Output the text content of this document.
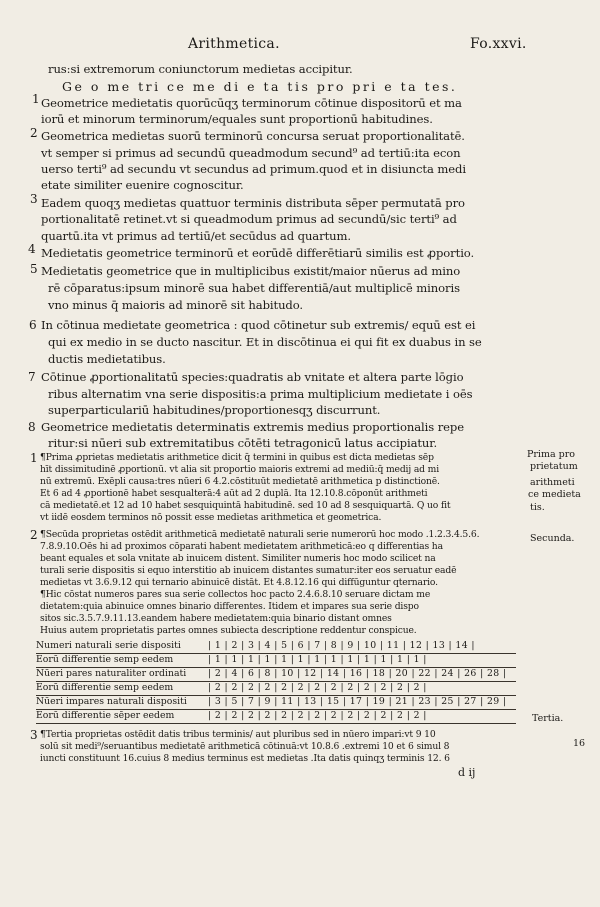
Arithmetica.	Fo.xxvi.
rus:si extremorum coniunctorum medietas accipitur.
Ge o me tri ce me di e ta tis pro pri e ta tes.
1 Geometrice medietatis quorūcūqʒ terminorum cōtinue dispositorū et ma
iorū et minorum terminorum/equales sunt proportionū habitudines.
2 Geometrica medietas suorū terminorū concursa seruat proportionalitatē.
vt semper si primus ad secundū queadmodum secund⁹ ad tertiū:ita econ
uerso terti⁹ ad secundu vt secundus ad primum.quod et in disiuncta medi
etate similiter euenire cognoscitur.
3 Eadem quoqʒ medietas quattuor terminis distributa sēper permutatā pro
portionalitatē retinet.vt si queadmodum primus ad secundū/sic terti⁹ ad
quartū.ita vt primus ad tertiū/et secūdus ad quartum.
4 Medietatis geometrice terminorū et eorūdē differētiarū similis est ꝓportio.
5 Medietatis geometrice que in multiplicibus existit/maior nūerus ad mino
rē cōparatus:ipsum minorē sua habet differentiā/aut multiplicē minoris
vno minus q̄ maioris ad minorē sit habitudo.
6 In cōtinua medietate geometrica : quod cōtinetur sub extremis/ equū est ei
qui ex medio in se ducto nascitur. Et in discōtinua ei qui fit ex duabus in se
ductis medietatibus.
7 Cōtinue ꝓportionalitatū species:quadratis ab vnitate et altera parte lōgio
ribus alternatim vna serie dispositis:a prima multiplicium medietate i oēs
superparticulariū habitudines/proportionesqʒ discurrunt.
8 Geometrice medietatis determinatis extremis medius proportionalis repe
ritur:si nūeri sub extremitatibus cōtēti tetragonicū latus accipiatur.
1 ¶Prima ꝓprietas medietatis arithmetice dicit q̄ termini in quibus est dicta medietas sēp
hīt dissimitudinē ꝓportionū. vt alia sit proportio maioris extremi ad mediū:q̄ medij ad mi
nū extremū. Exēpli causa:tres nūeri 6 4.2.cōstituūt medietatē arithmetica p distinctionē.
Et 6 ad 4 ꝓportionē habet sesqualterā:4 aūt ad 2 duplā. Ita 12.10.8.cōponūt arithmeti
cā medietatē.et 12 ad 10 habet sesquiquintā habitudinē. sed 10 ad 8 sesquiquartā. Q uo fit
vt iidē eosdem terminos nō possit esse medietas arithmetica et geometrica.
2 ¶Secūda proprietas ostēdit arithmeticā medietatē naturali serie numerorū hoc modo .1.2.3.4.5.6.
7.8.9.10.Oēs hi ad proximos cōparati habent medietatem arithmeticā:eo q differentias ha
beant equales et sola vnitate ab inuicem distent. Similiter numeris hoc modo scilicet na
turali serie dispositis si equo interstitio ab inuicem distantes sumatur:iter eos seruatur eadē
medietas vt 3.6.9.12 qui ternario abinuicē distāt. Et 4.8.12.16 qui diffūguntur qternario.
¶Hic cōstat numeros pares sua serie collectos hoc pacto 2.4.6.8.10 seruare dictam me
dietatem:quia abinuice omnes binario differentes. Itidem et impares sua serie dispo
sitos sic.3.5.7.9.11.13.eandem habere medietatem:quia binario distant omnes
Huius autem proprietatis partes omnes subiecta descriptione reddentur conspicue.
Numeri naturali serie dispositi	| 1 | 2 | 3 | 4 | 5 | 6 | 7 | 8 | 9 | 10 | 11 | 12 | 13 | 14 |
Eorū differentie semp eedem	| 1 | 1 | 1 | 1 | 1 | 1 | 1 | 1 | 1 | 1 | 1 | 1 | 1 |
Nūeri pares naturaliter ordinati | 2 | 4 | 6 | 8 | 10 | 12 | 14 | 16 | 18 | 20 | 22 | 24 | 26 | 28 |
Eorū differentie semp eedem	| 2 | 2 | 2 | 2 | 2 | 2 | 2 | 2 | 2 | 2 | 2 | 2 | 2 |
Nūeri impares naturali dispositi | 3 | 5 | 7 | 9 | 11 | 13 | 15 | 17 | 19 | 21 | 23 | 25 | 27 | 29 |
Eorū differentie sēper eedem	| 2 | 2 | 2 | 2 | 2 | 2 | 2 | 2 | 2 | 2 | 2 | 2 | 2 |
3 ¶Tertia proprietas ostēdit datis tribus terminis/ aut pluribus sed in nūero impari:vt 9 10
solū sit medi⁹/seruantibus medietatē arithmeticā cōtinuā:vt 10.8.6 .extremi 10 et 6 simul 8
iuncti constituunt 16.cuius 8 medius terminus est medietas .Ita datis quinqʒ terminis 12. 6
Prima pro
prietatum
arithmeti
ce medieta
tis.
Secunda.
Tertia.
16
d ij
